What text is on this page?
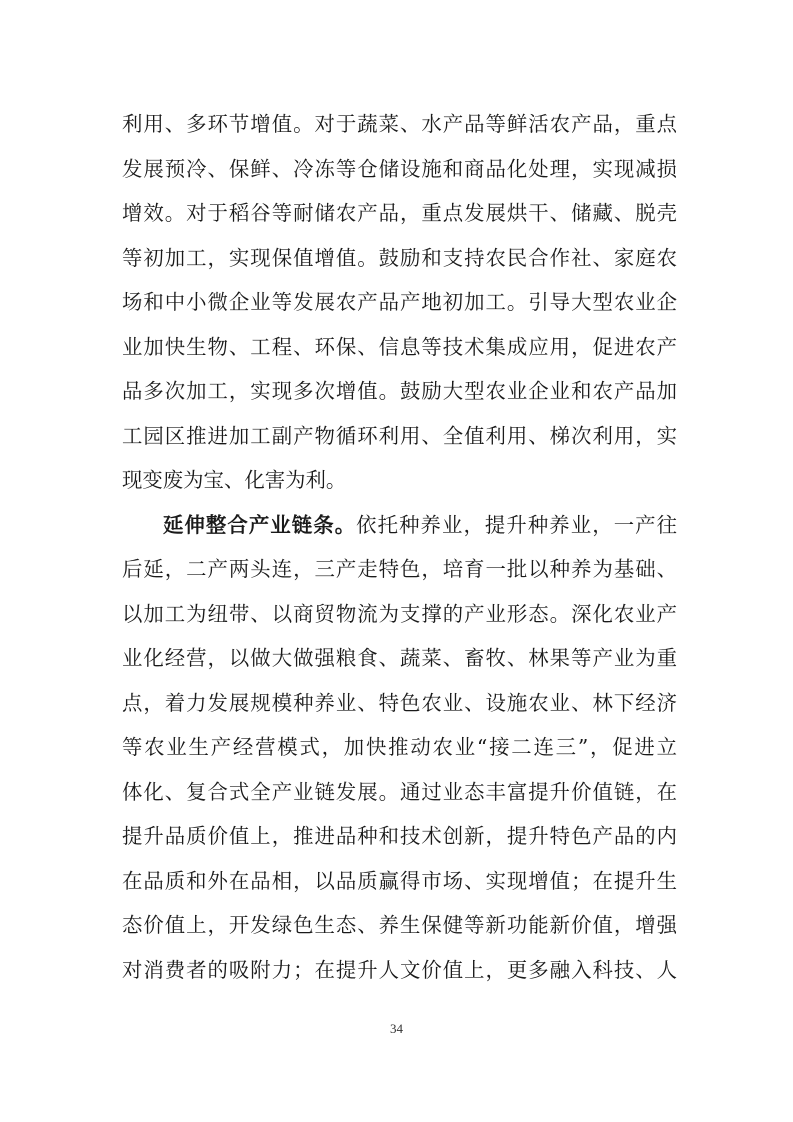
利用、多环节增值。对于蔬菜、水产品等鲜活农产品，重点
发展预冷、保鲜、冷冻等仓储设施和商品化处理，实现减损
增效。对于稻谷等耐储农产品，重点发展烘干、储藏、脱壳
等初加工，实现保值增值。鼓励和支持农民合作社、家庭农
场和中小微企业等发展农产品产地初加工。引导大型农业企
业加快生物、工程、环保、信息等技术集成应用，促进农产
品多次加工，实现多次增值。鼓励大型农业企业和农产品加
工园区推进加工副产物循环利用、全值利用、梯次利用，实
现变废为宝、化害为利。
延伸整合产业链条。依托种养业，提升种养业，一产往
后延，二产两头连，三产走特色，培育一批以种养为基础、
以加工为纽带、以商贸物流为支撑的产业形态。深化农业产
业化经营，以做大做强粮食、蔬菜、畜牧、林果等产业为重
点，着力发展规模种养业、特色农业、设施农业、林下经济
等农业生产经营模式，加快推动农业“接二连三”，促进立
体化、复合式全产业链发展。通过业态丰富提升价值链，在
提升品质价值上，推进品种和技术创新，提升特色产品的内
在品质和外在品相，以品质赢得市场、实现增值；在提升生
态价值上，开发绿色生态、养生保健等新功能新价值，增强
对消费者的吸附力；在提升人文价值上，更多融入科技、人
34
